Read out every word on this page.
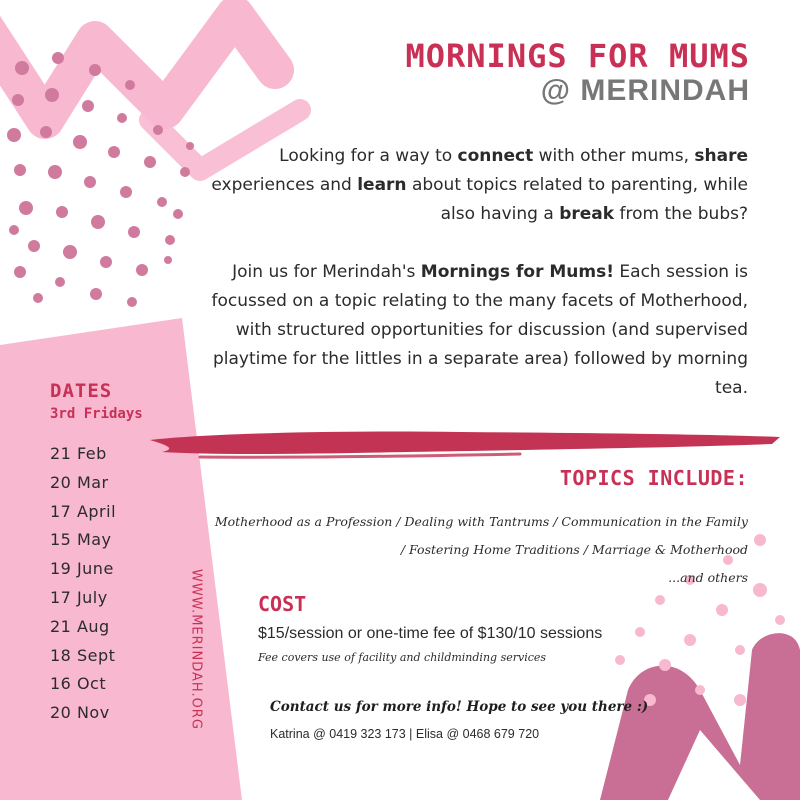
MORNINGS FOR MUMS
@ MERINDAH

Looking for a way to connect with other mums, share experiences and learn about topics related to parenting, while also having a break from the bubs?

Join us for Merindah's Mornings for Mums! Each session is focussed on a topic relating to the many facets of Motherhood, with structured opportunities for discussion (and supervised playtime for the littles in a separate area) followed by morning tea.

DATES
3rd Fridays
21 Feb
20 Mar
17 April
15 May
19 June
17 July
21 Aug
18 Sept
16 Oct
20 Nov	WWW.MERINDAH.ORG
TOPICS INCLUDE:

Motherhood as a Profession / Dealing with Tantrums / Communication in the Family / Fostering Home Traditions / Marriage & Motherhood
...and others

COST
$15/session or one-time fee of $130/10 sessions
Fee covers use of facility and childminding services
Contact us for more info! Hope to see you there :)
Katrina @ 0419 323 173 | Elisa @ 0468 679 720
